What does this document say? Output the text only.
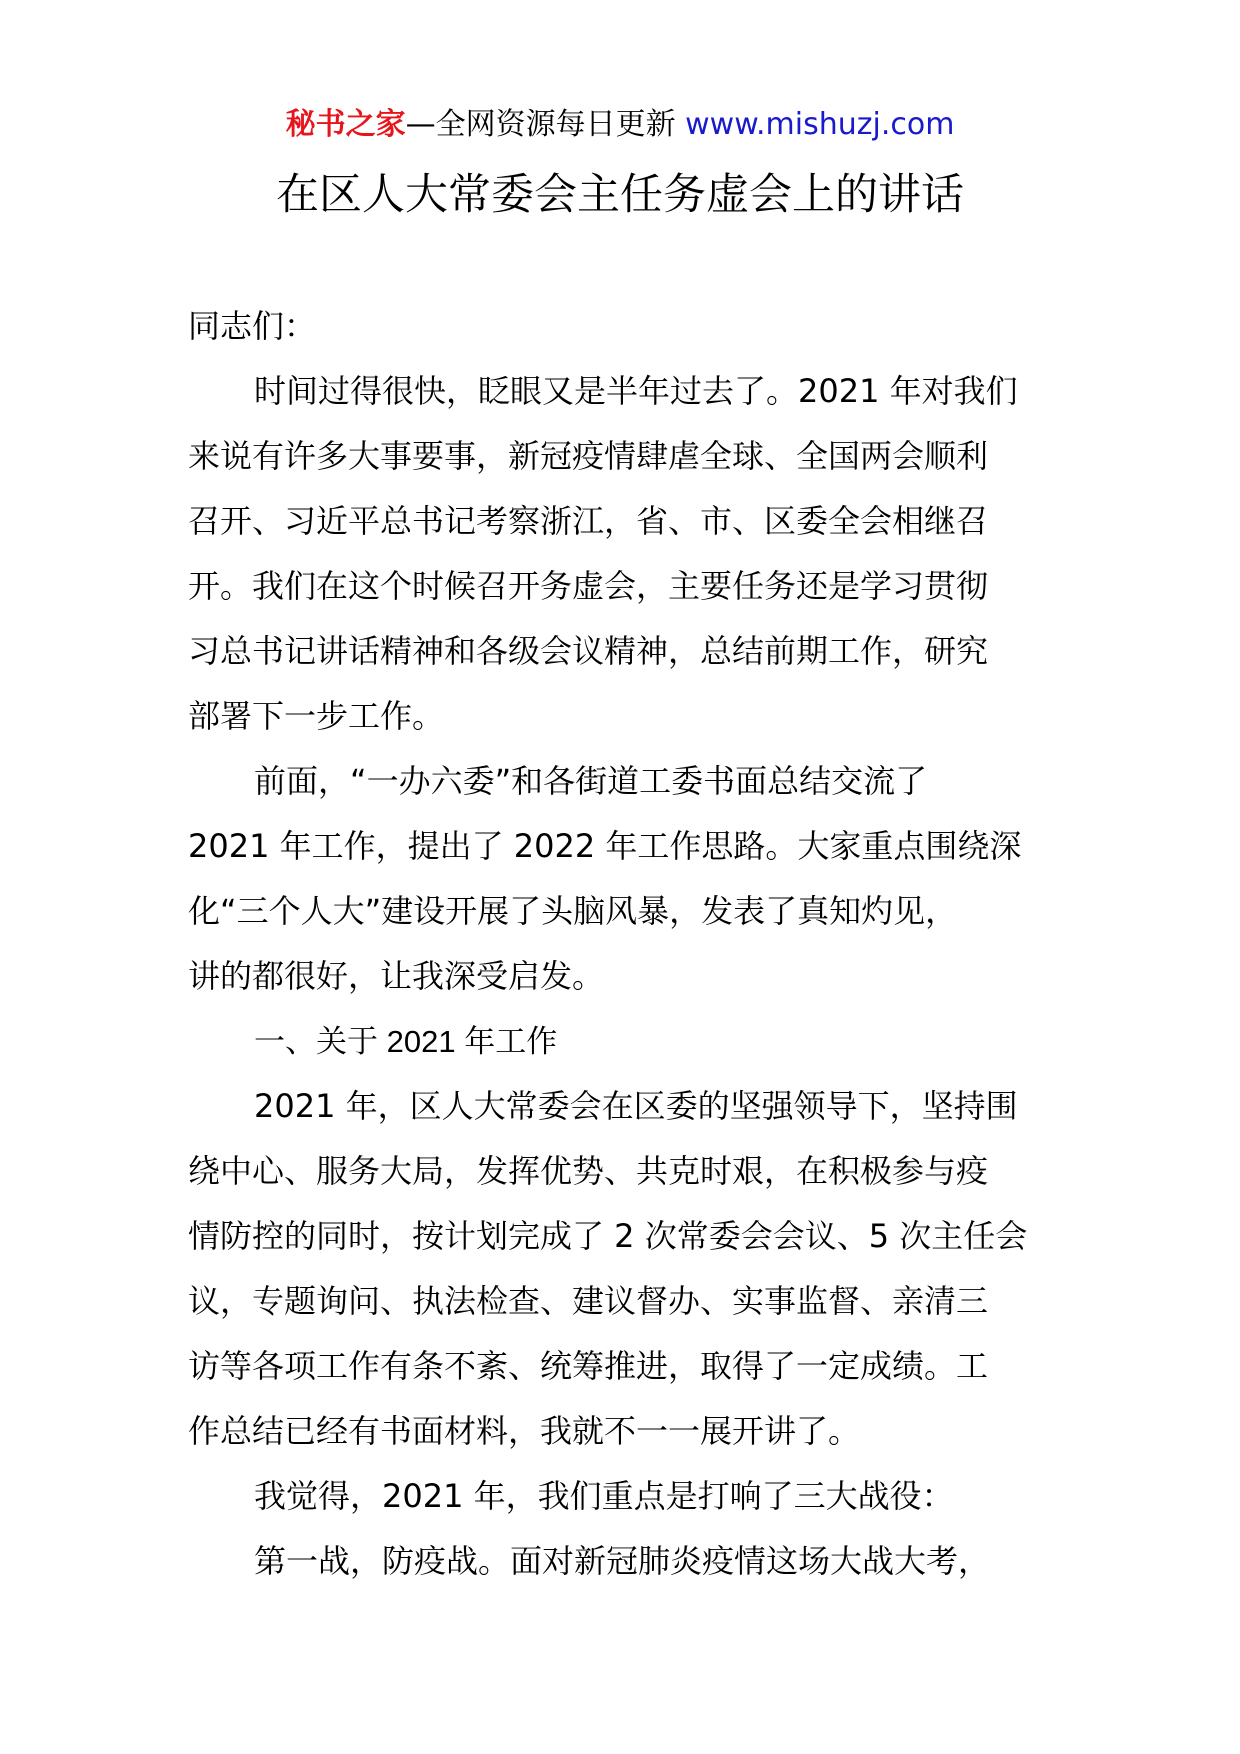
秘书之家—全网资源每日更新 www.mishuzj.com
在区人大常委会主任务虚会上的讲话

同志们：

时间过得很快，眨眼又是半年过去了。2021 年对我们

来说有许多大事要事，新冠疫情肆虐全球、全国两会顺利

召开、习近平总书记考察浙江，省、市、区委全会相继召

开。我们在这个时候召开务虚会，主要任务还是学习贯彻

习总书记讲话精神和各级会议精神，总结前期工作，研究

部署下一步工作。

前面，“一办六委”和各街道工委书面总结交流了

2021 年工作，提出了 2022 年工作思路。大家重点围绕深

化“三个人大”建设开展了头脑风暴，发表了真知灼见，

讲的都很好，让我深受启发。

一、关于 2021 年工作

2021 年，区人大常委会在区委的坚强领导下，坚持围

绕中心、服务大局，发挥优势、共克时艰，在积极参与疫

情防控的同时，按计划完成了 2 次常委会会议、5 次主任会

议，专题询问、执法检查、建议督办、实事监督、亲清三

访等各项工作有条不紊、统筹推进，取得了一定成绩。工

作总结已经有书面材料，我就不一一展开讲了。

我觉得，2021 年，我们重点是打响了三大战役：

第一战，防疫战。面对新冠肺炎疫情这场大战大考，
